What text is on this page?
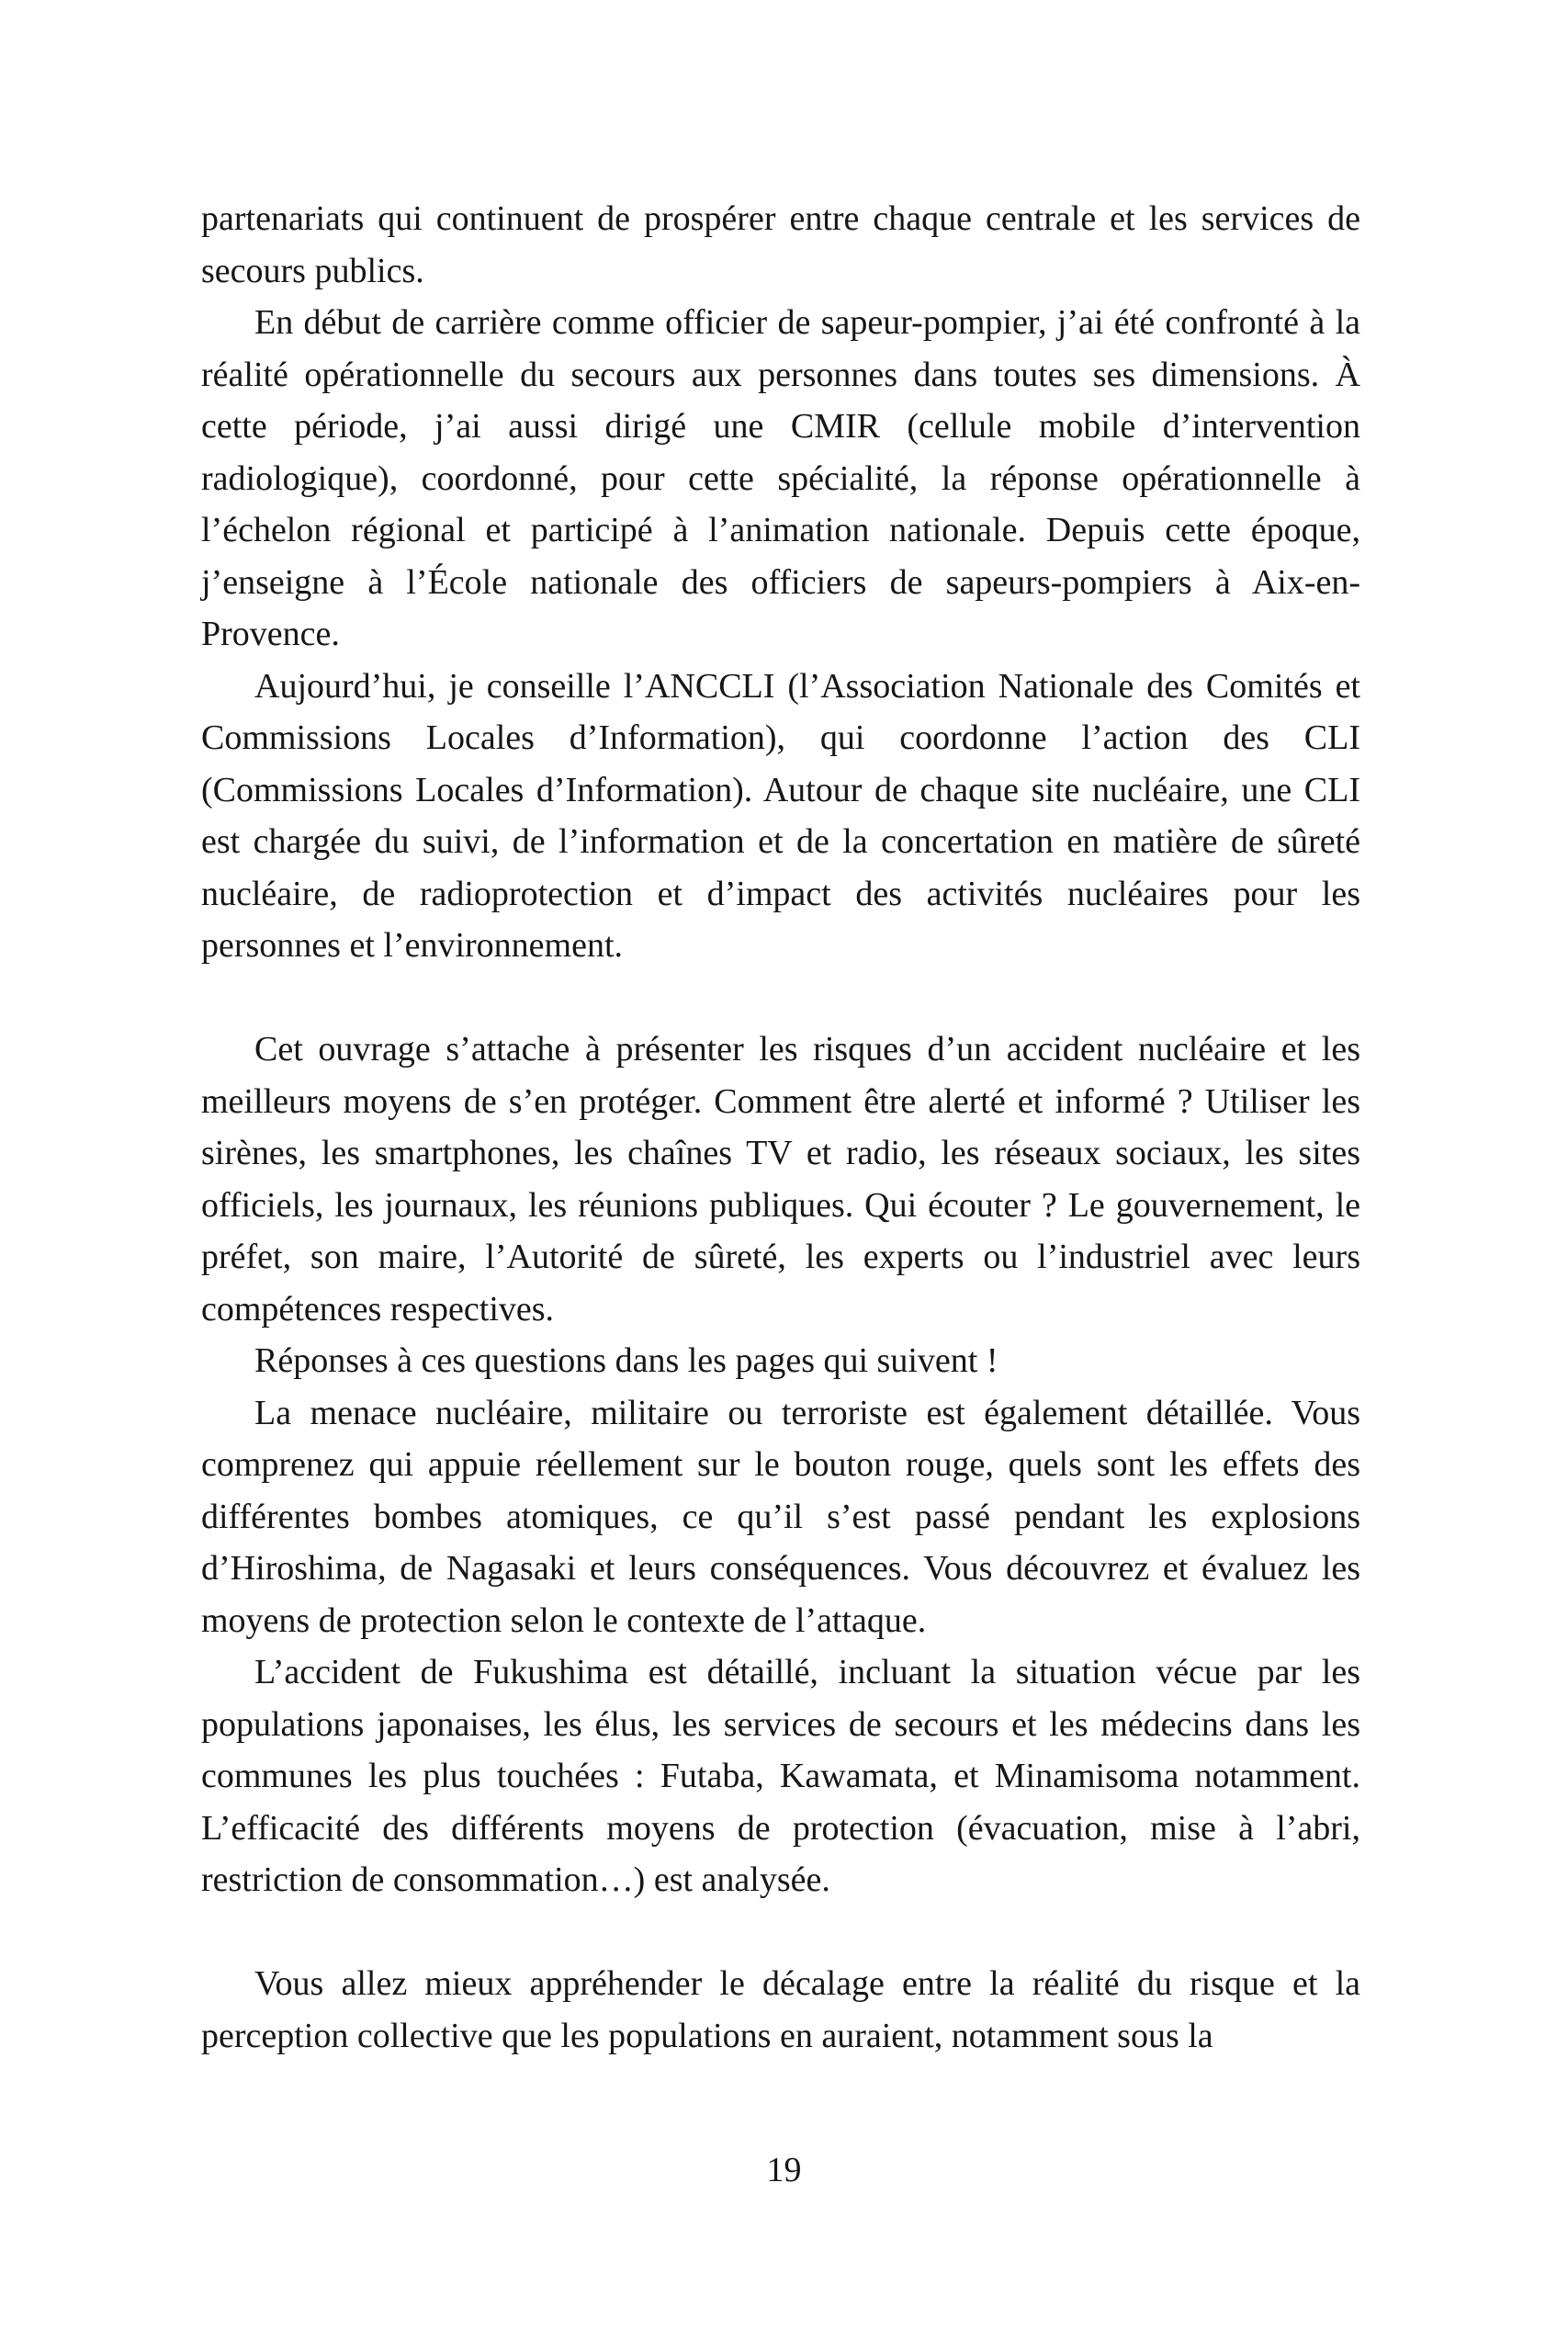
partenariats qui continuent de prospérer entre chaque centrale et les services de secours publics.

En début de carrière comme officier de sapeur-pompier, j’ai été confronté à la réalité opérationnelle du secours aux personnes dans toutes ses dimensions. À cette période, j’ai aussi dirigé une CMIR (cellule mobile d’intervention radiologique), coordonné, pour cette spécialité, la réponse opérationnelle à l’échelon régional et participé à l’animation nationale. Depuis cette époque, j’enseigne à l’École nationale des officiers de sapeurs-pompiers à Aix-en-Provence.

Aujourd’hui, je conseille l’ANCCLI (l’Association Nationale des Comités et Commissions Locales d’Information), qui coordonne l’action des CLI (Commissions Locales d’Information). Autour de chaque site nucléaire, une CLI est chargée du suivi, de l’information et de la concertation en matière de sûreté nucléaire, de radioprotection et d’impact des activités nucléaires pour les personnes et l’environnement.

Cet ouvrage s’attache à présenter les risques d’un accident nucléaire et les meilleurs moyens de s’en protéger. Comment être alerté et informé ? Utiliser les sirènes, les smartphones, les chaînes TV et radio, les réseaux sociaux, les sites officiels, les journaux, les réunions publiques. Qui écouter ? Le gouvernement, le préfet, son maire, l’Autorité de sûreté, les experts ou l’industriel avec leurs compétences respectives.

Réponses à ces questions dans les pages qui suivent !

La menace nucléaire, militaire ou terroriste est également détaillée. Vous comprenez qui appuie réellement sur le bouton rouge, quels sont les effets des différentes bombes atomiques, ce qu’il s’est passé pendant les explosions d’Hiroshima, de Nagasaki et leurs conséquences. Vous découvrez et évaluez les moyens de protection selon le contexte de l’attaque.

L’accident de Fukushima est détaillé, incluant la situation vécue par les populations japonaises, les élus, les services de secours et les médecins dans les communes les plus touchées : Futaba, Kawamata, et Minamisoma notamment. L’efficacité des différents moyens de protection (évacuation, mise à l’abri, restriction de consommation…) est analysée.

Vous allez mieux appréhender le décalage entre la réalité du risque et la perception collective que les populations en auraient, notamment sous la

19
